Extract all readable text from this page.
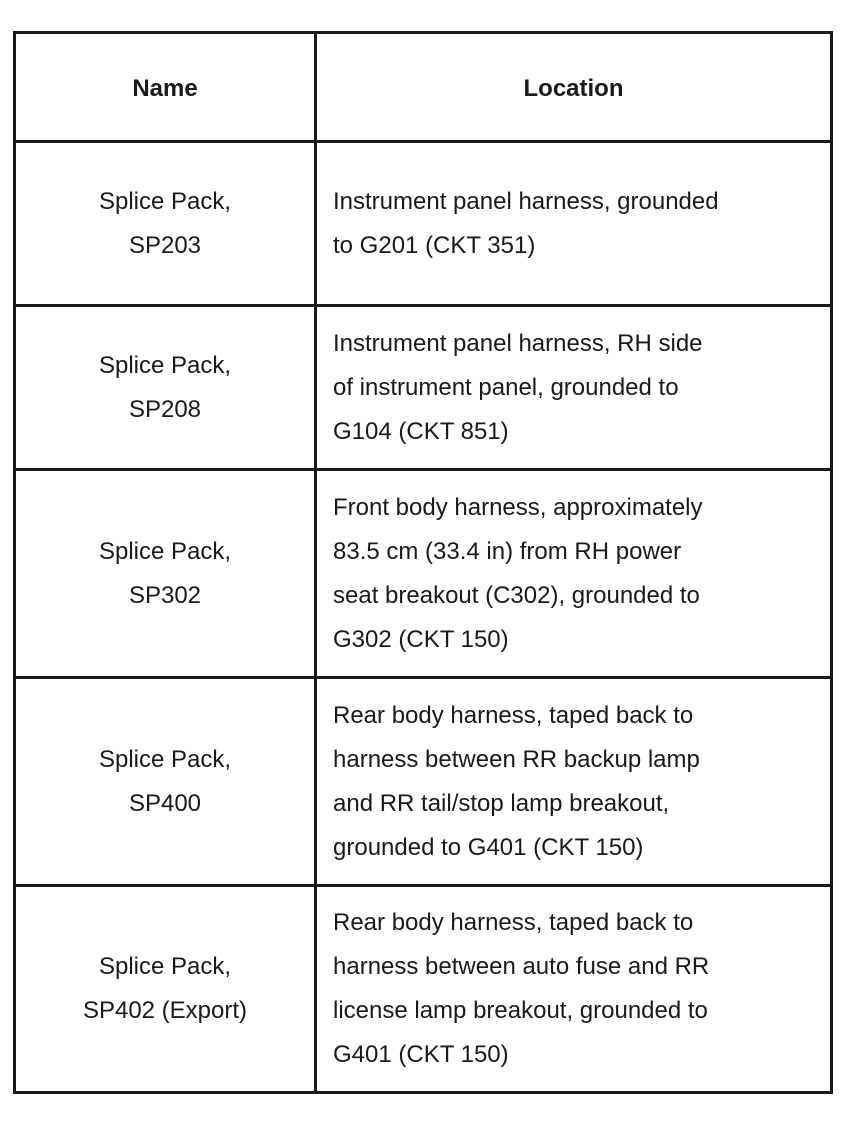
Name	Location

Splice Pack,
SP203	Instrument panel harness, grounded
to G201 (CKT 351)

Splice Pack,
SP208	Instrument panel harness, RH side
of instrument panel, grounded to
G104 (CKT 851)

Splice Pack,
SP302	Front body harness, approximately
83.5 cm (33.4 in) from RH power
seat breakout (C302), grounded to
G302 (CKT 150)

Splice Pack,
SP400	Rear body harness, taped back to
harness between RR backup lamp
and RR tail/stop lamp breakout,
grounded to G401 (CKT 150)

Splice Pack,
SP402 (Export)	Rear body harness, taped back to
harness between auto fuse and RR
license lamp breakout, grounded to
G401 (CKT 150)
